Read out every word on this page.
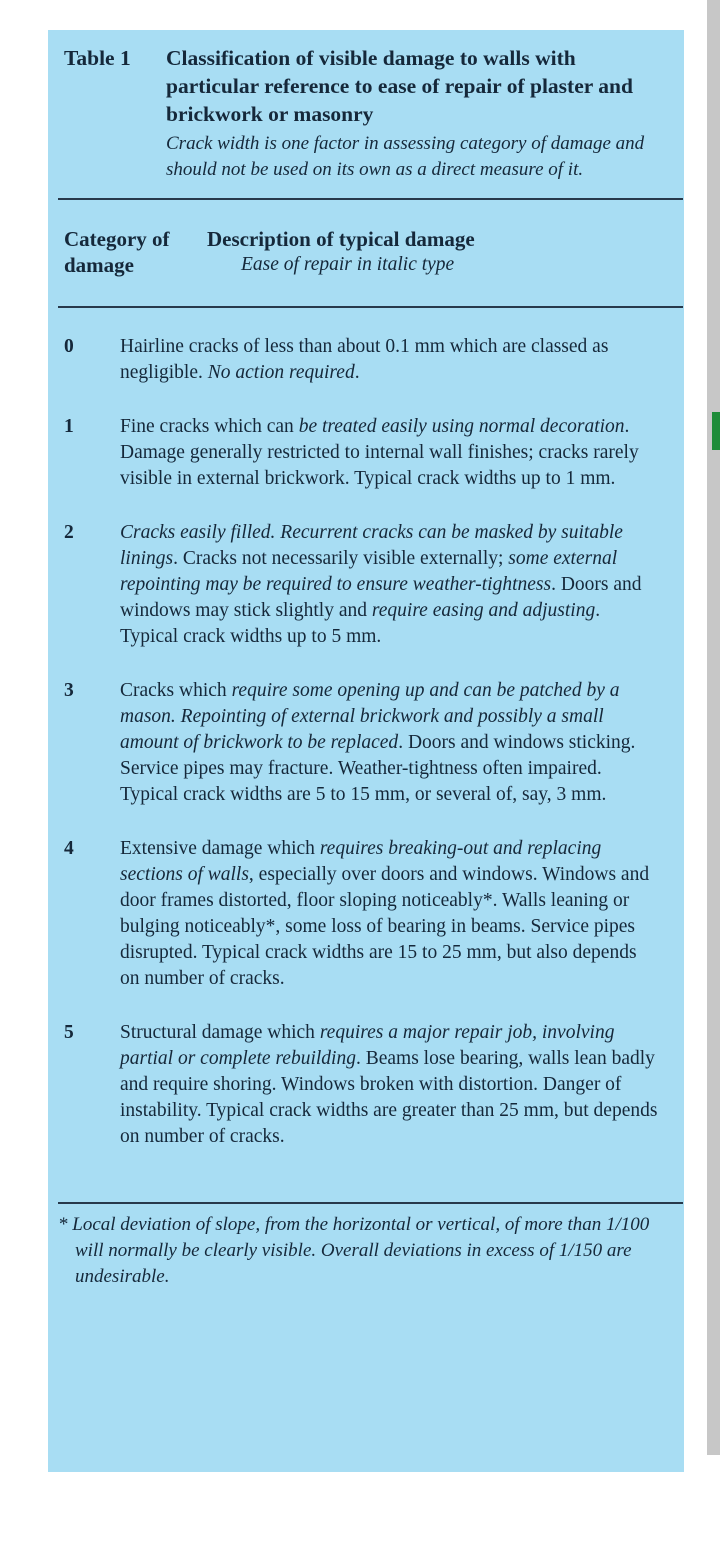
Table 1	Classification of visible damage to walls with particular reference to ease of repair of plaster and brickwork or masonry
Crack width is one factor in assessing category of damage and should not be used on its own as a direct measure of it.
Category of damage
Description of typical damage
Ease of repair in italic type
0	Hairline cracks of less than about 0.1 mm which are classed as negligible. No action required.
1	Fine cracks which can be treated easily using normal decoration. Damage generally restricted to internal wall finishes; cracks rarely visible in external brickwork. Typical crack widths up to 1 mm.
2	Cracks easily filled. Recurrent cracks can be masked by suitable linings. Cracks not necessarily visible externally; some external repointing may be required to ensure weather-tightness. Doors and windows may stick slightly and require easing and adjusting. Typical crack widths up to 5 mm.
3	Cracks which require some opening up and can be patched by a mason. Repointing of external brickwork and possibly a small amount of brickwork to be replaced. Doors and windows sticking. Service pipes may fracture. Weather-tightness often impaired. Typical crack widths are 5 to 15 mm, or several of, say, 3 mm.
4	Extensive damage which requires breaking-out and replacing sections of walls, especially over doors and windows. Windows and door frames distorted, floor sloping noticeably*. Walls leaning or bulging noticeably*, some loss of bearing in beams. Service pipes disrupted. Typical crack widths are 15 to 25 mm, but also depends on number of cracks.
5	Structural damage which requires a major repair job, involving partial or complete rebuilding. Beams lose bearing, walls lean badly and require shoring. Windows broken with distortion. Danger of instability. Typical crack widths are greater than 25 mm, but depends on number of cracks.
* Local deviation of slope, from the horizontal or vertical, of more than 1/100 will normally be clearly visible. Overall deviations in excess of 1/150 are undesirable.
